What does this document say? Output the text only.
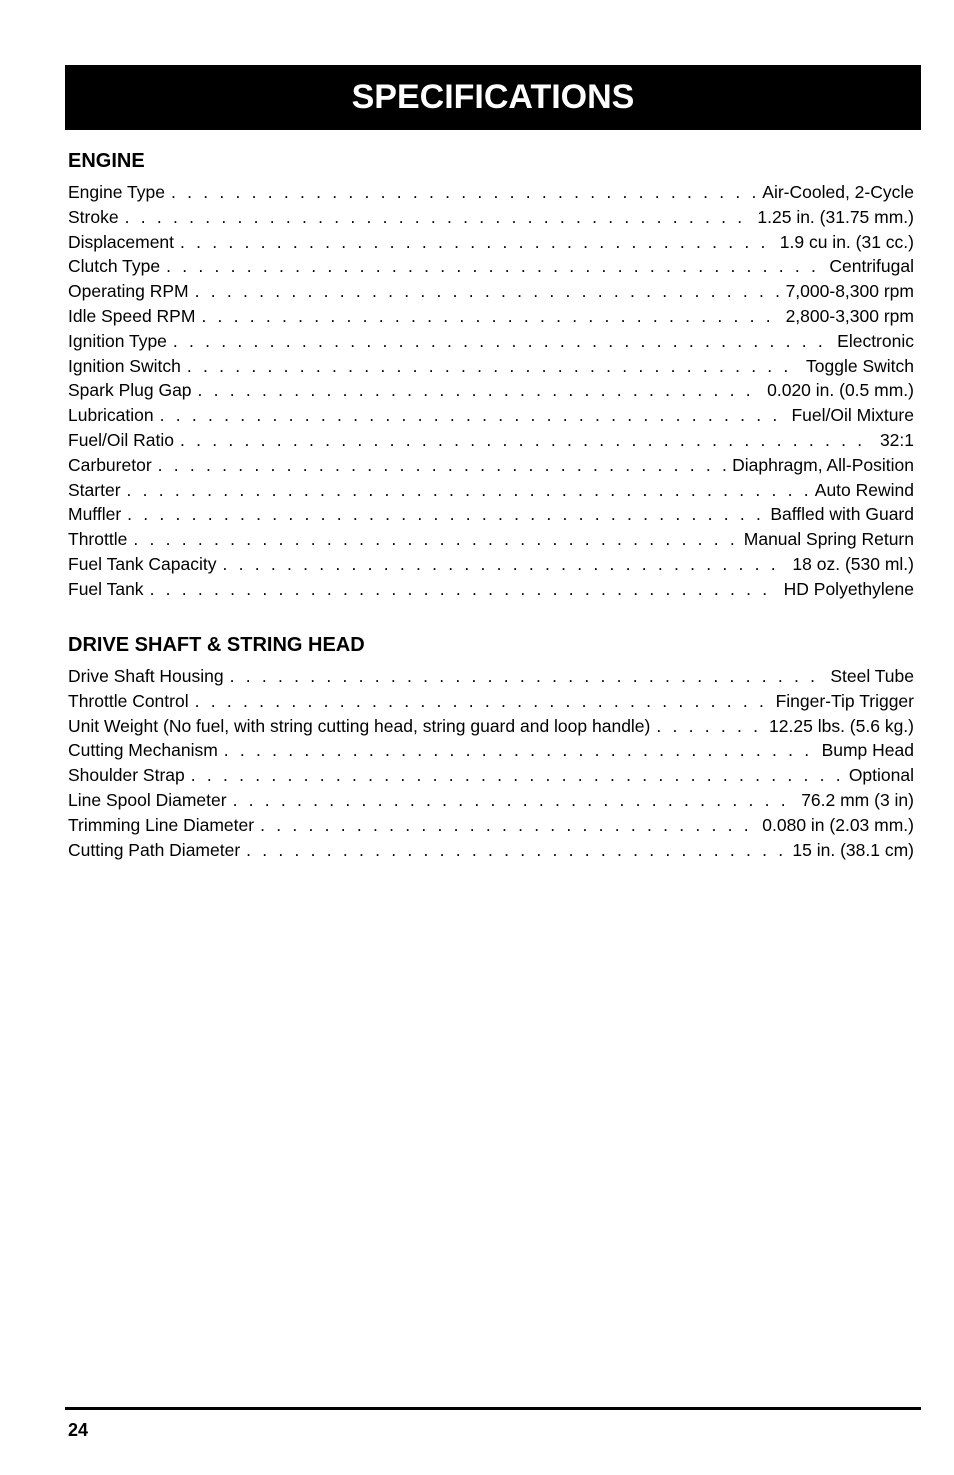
SPECIFICATIONS
ENGINE
Engine Type . . .	Air-Cooled, 2-Cycle
Stroke . . .	1.25 in. (31.75 mm.)
Displacement . . .	1.9 cu in. (31 cc.)
Clutch Type . . .	Centrifugal
Operating RPM . . .	7,000-8,300 rpm
Idle Speed RPM . . .	2,800-3,300 rpm
Ignition Type . . .	Electronic
Ignition Switch . . .	Toggle Switch
Spark Plug Gap . . .	0.020 in. (0.5 mm.)
Lubrication . . .	Fuel/Oil Mixture
Fuel/Oil Ratio . . .	32:1
Carburetor . . .	Diaphragm, All-Position
Starter . . .	Auto Rewind
Muffler . . .	Baffled with Guard
Throttle . . .	Manual Spring Return
Fuel Tank Capacity . . .	18 oz. (530 ml.)
Fuel Tank . . .	HD Polyethylene
DRIVE SHAFT & STRING HEAD
Drive Shaft Housing . . .	Steel Tube
Throttle Control . . .	Finger-Tip Trigger
Unit Weight (No fuel, with string cutting head, string guard and loop handle) . . .	12.25 lbs. (5.6 kg.)
Cutting Mechanism . . .	Bump Head
Shoulder Strap . . .	Optional
Line Spool Diameter . . .	76.2 mm (3 in)
Trimming Line Diameter . . .	0.080 in (2.03 mm.)
Cutting Path Diameter . . .	15 in. (38.1 cm)
24
